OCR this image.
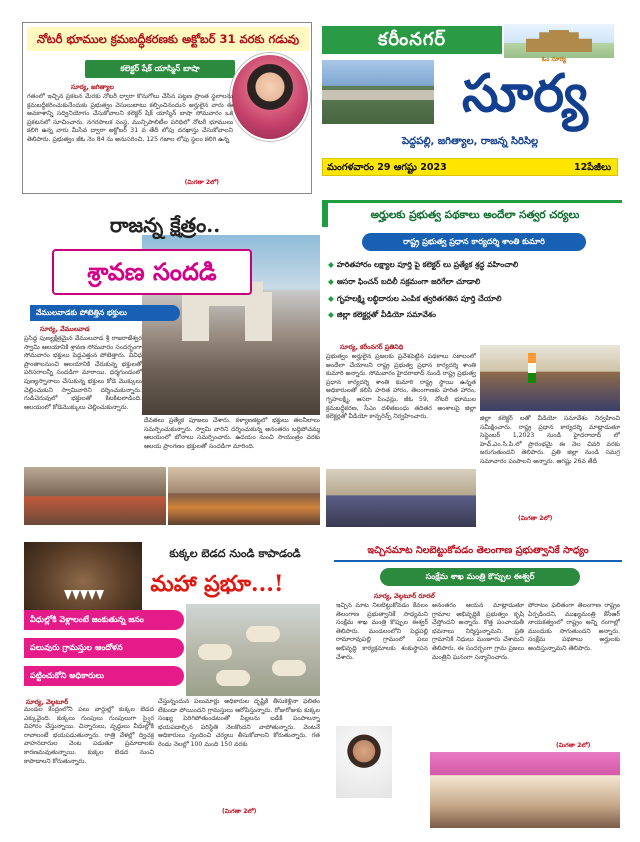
నోటరీ భూముల క్రమబద్ధీకరణకు అక్టోబర్ 31 వరకు గడువు
కలెక్టర్ షేక్ యాస్మిన్ బాషా
సూర్య, జగిత్యాల
గతంలో ఇచ్చిన ప్రకటన మేరకు నోటరీ ద్వారా కొనుగోలు చేసిన పట్టణ ప్రాంత స్థలాలను క్రమబద్ధీకరించుకునేందుకు ప్రభుత్వం వెసులుబాటు కల్పించినందున అర్హులైన వారు ఈ అవకాశాన్ని సద్వినియోగం చేసుకోవాలని కలెక్టర్ షేక్ యాస్మిన్ బాషా సోమవారం ఒక ప్రకటనలో సూచించారు. నగరపాలక సంస్థ, మున్సిపాలిటీల పరిధిలో నోటరీ భూములు కలిగి ఉన్న వారు మీసేవ ద్వారా అక్టోబర్ 31 వ తేదీ లోపు దరఖాస్తు చేసుకోవాలని తెలిపారు. ప్రభుత్వం జీఓ నెం 84 ను అనుసరించి, 125 గజాల లోపు స్థలం కలిగి ఉన్న
(మిగతా 2లో)
కరీంనగర్
ఓం సూర్య
సూర్య
పెద్దపల్లి, జగిత్యాల, రాజన్న సిరిసిల్ల
మంగళవారం 29 ఆగష్టు 2023	12పేజీలు
రాజన్న క్షేత్రం..
శ్రావణ సందడి
వేములవాడకు పోటెత్తిన భక్తులు
సూర్య, వేములవాడ
ప్రసిద్ధ పుణ్యక్షేత్రమైన వేములవాడ శ్రీ రాజరాజేశ్వర స్వామి ఆలయానికి శ్రావణ సోమవారం సందర్భంగా సోమవారం భక్తులు పెద్దఎత్తున పోటెత్తారు. వివిధ ప్రాంతాలనుంచి ఆలయానికి చేరుకున్న భక్తులతో పరిసరాలన్నీ సందడిగా మారాయి. ధర్మగుండంలో పుణ్యస్నానాలు చేసుకున్న భక్తులు కోడె మొక్కులు చెల్లించుకుని స్వామివారిని దర్శించుకున్నారు. గుడిచెరువులో భక్తులతో కిటకిటలాడింది. ఆలయంలో కోడెమొక్కులు చెల్లించుకున్నారు.
దేవతలు ప్రత్యేక పూజలు చేశారు. కళ్యాణకట్టలో భక్తులు తలనీలాలు సమర్పించుకున్నారు. స్వామి వారిని దర్శించుకున్న అనంతరం బద్దిపోచమ్మ ఆలయంలో బోనాలు సమర్పించారు. ఉదయం నుంచి సాయంత్రం వరకు ఆలయ ప్రాంగణం భక్తులతో సందడిగా మారింది.
అర్హులకు ప్రభుత్వ పథకాలు అందేలా సత్వర చర్యలు
రాష్ట్ర ప్రభుత్వ ప్రధాన కార్యదర్శి శాంతి కుమారి
◆ హరితహారం లక్ష్యాల పూర్తి పై కలెక్టర్ లు ప్రత్యేక శ్రద్ధ వహించాలి
◆ ఆసరా ఫించన్ బదిలీ సక్రమంగా జరిగేలా చూడాలి
◆ గృహలక్ష్మి లబ్ధిదారుల ఎంపిక త్వరితగతిన పూర్తి చేయాలి
◆ జిల్లా కలెక్టర్లతో వీడియో సమావేశం
సూర్య, కరీంనగర్ ప్రతినిధి
ప్రభుత్వం అర్హులైన ప్రజలకు ప్రవేశపెట్టిన పథకాలు సకాలంలో అందేలా చేయాలని రాష్ట్ర ప్రభుత్వ ప్రధాన కార్యదర్శి శాంతి కుమారి అన్నారు. సోమవారం హైదరాబాద్ నుండి రాష్ట్ర ప్రభుత్వ ప్రధాన కార్యదర్శి శాంతి కుమారి రాష్ట్ర స్థాయి ఉన్నత అధికారులతో కలిసి హరిత హారం, తెలంగాణకు హరిత హారం, గృహలక్ష్మి, ఆసరా పింఛన్లు, జీఓ 59, నోటరీ భూముల క్రమబద్ధీకరణ, సీఎం దళితబంధు తదితర అంశాలపై జిల్లా కలెక్టర్లతో వీడియో కాన్ఫరెన్స్ నిర్వహించారు.	జిల్లా కలెక్టర్ లతో వీడియో సమావేశం నిర్వహించి సమీక్షించారు. రాష్ట్ర ప్రధాన కార్యదర్శి మాట్లాడుతూ సెప్టెంబర్ 1,2023 నుండి హైదరాబాద్ లో హెచ్.ఎం.సి.పి.లో ప్రారంభమై ఈ నెల చివరి వరకు జరుగుతుందని తెలిపారు. ప్రతి జిల్లా నుండి సమగ్ర సమాచారం పంపాలని అన్నారు. ఆగష్టు 26వ తేదీ
(మిగతా 2లో)
కుక్కల బెడద నుండి కాపాడండి
మహా ప్రభూ...!
వీధుల్లోకి వెళ్లాలంటే జంకుతున్న జనం
పలువురు గ్రామస్తుల ఆందోళన
పట్టించుకోని అధికారులు
సూర్య, వెల్గటూర్
మండల కేంద్రంలోని పలు వార్డుల్లో కుక్కల బెడద ఎక్కువైంది. కుక్కలు గుంపులు గుంపులుగా స్వైర విహారం చేస్తున్నాయి. చిన్నారులు, వృద్ధులు వీధుల్లోకి రావాలంటే భయపడుతున్నారు. రాత్రి వేళల్లో ద్విచక్ర వాహనదారుల వెంట పడుతూ ప్రమాదాలకు కారణమవుతున్నాయి. కుక్కల బెడద నుంచి కాపాడాలని కోరుతున్నారు.
చేస్తున్నందున పలుమార్లు అధికారుల దృష్టికి తీసుకెళ్లినా ఫలితం లేకుండా పోయిందని గ్రామస్తులు ఆరోపిస్తున్నారు. రోజురోజుకు కుక్కల సంఖ్య పెరిగిపోతుండటంతో పిల్లలను బడికి పంపాలన్నా భయపడాల్సిన పరిస్థితి నెలకొందని వాపోతున్నారు. వెంటనే అధికారులు స్పందించి చర్యలు తీసుకోవాలని కోరుతున్నారు. గత రెండు నెలల్లో 100 మంది 150 వరకు
(మిగతా 2లో)
ఇచ్చినమాట నిలబెట్టుకోవడం తెలంగాణ ప్రభుత్వానికే సాధ్యం
సంక్షేమ శాఖ మంత్రి కొప్పుల ఈశ్వర్
సూర్య, వెల్గటూర్ రూరల్
ఇచ్చిన మాట నిలబెట్టుకోవడం కేవలం తెలంగాణ ప్రభుత్వానికే సాధ్యమని సంక్షేమ శాఖ మంత్రి కొప్పుల ఈశ్వర్ తెలిపారు. మండలంలోని పెద్దపల్లి రామారావుపల్లి గ్రామంలో పలు అభివృద్ధి కార్యక్రమాలకు శంకుస్థాపన చేశారు.
అనంతరం ఆయన మాట్లాడుతూ గ్రామాల అభివృద్ధికి ప్రభుత్వం కృషి చేస్తోందని అన్నారు. కొత్త పంచాయతీ భవనాలు నిర్మిస్తున్నామని, ప్రతి గ్రామానికి నిధులు మంజూరు చేశామని తెలిపారు. ఈ సందర్భంగా గ్రామ ప్రజలు మంత్రిని ఘనంగా సన్మానించారు.
పోరాటం ఫలితంగా తెలంగాణ రాష్ట్రం ఏర్పడిందని, ముఖ్యమంత్రి కేసీఆర్ నాయకత్వంలో రాష్ట్రం అన్ని రంగాల్లో ముందుకు సాగుతుందని అన్నారు. సంక్షేమ పథకాలు అర్హులకు అందిస్తున్నామని తెలిపారు.
(మిగతా 2లో)
